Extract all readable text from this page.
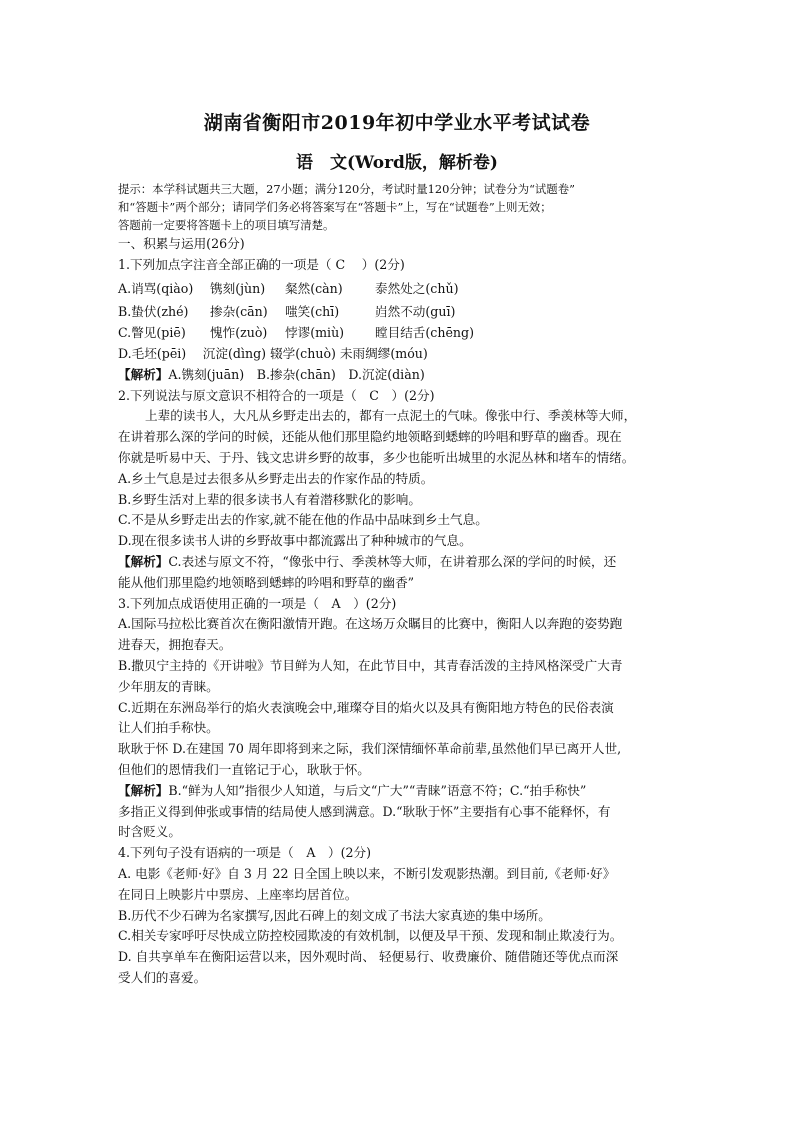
湖南省衡阳市2019年初中学业水平考试试卷
语　文(Word版，解析卷)
提示：本学科试题共三大题，27小题；满分120分，考试时量120分钟；试卷分为“试题卷”
和“答题卡”两个部分；请同学们务必将答案写在“答题卡”上，写在“试题卷”上则无效；
答题前一定要将答题卡上的项目填写清楚。
一、积累与运用(26分)
1.下列加点字注音全部正确的一项是（ C　 ）(2分)
A.诮骂(qiào) 镌刻(jùn) 粲然(càn)	泰然处之(chǔ)
B.蛰伏(zhé) 掺杂(cān) 嗤笑(chī)	岿然不动(guī)
C.瞥见(piē) 愧怍(zuò) 悖谬(miù) 瞠目结舌(chēng)
D.毛坯(pēi) 　沉淀(dìng) 辍学(chuò) 未雨绸缪(móu)
【解析】A.镌刻(juān)　B.掺杂(chān)　D.沉淀(diàn)
2.下列说法与原文意识不相符合的一项是（　C　）(2分)
上辈的读书人，大凡从乡野走出去的，都有一点泥土的气味。像张中行、季羡林等大师，
在讲着那么深的学问的时候，还能从他们那里隐约地领略到蟋蟀的吟唱和野草的幽香。现在
你就是听易中天、于丹、钱文忠讲乡野的故事，多少也能听出城里的水泥丛林和堵车的情绪。
A.乡土气息是过去很多从乡野走出去的作家作品的特质。
B.乡野生活对上辈的很多读书人有着潜移默化的影响。
C.不是从乡野走出去的作家,就不能在他的作品中品味到乡土气息。
D.现在很多读书人讲的乡野故事中都流露出了种种城市的气息。
【解析】C.表述与原文不符，“像张中行、季羡林等大师，在讲着那么深的学问的时候，还
能从他们那里隐约地领略到蟋蟀的吟唱和野草的幽香”
3.下列加点成语使用正确的一项是（　A　）(2分)
A.国际马拉松比赛首次在衡阳激情开跑。在这场万众瞩目的比赛中，衡阳人以奔跑的姿势跑
进春天，拥抱春天。
B.撒贝宁主持的《开讲啦》节目鲜为人知，在此节目中，其青春活泼的主持风格深受广大青
少年朋友的青睐。
C.近期在东洲岛举行的焰火表演晚会中,璀璨夺目的焰火以及具有衡阳地方特色的民俗表演
让人们拍手称快。
耿耿于怀 D.在建国 70 周年即将到来之际，我们深情缅怀革命前辈,虽然他们早已离开人世,
但他们的恩情我们一直铭记于心，耿耿于怀。
【解析】B.“鲜为人知”指很少人知道，与后文“广大”“青睐”语意不符；C.“拍手称快”
多指正义得到伸张或事情的结局使人感到满意。D.“耿耿于怀”主要指有心事不能释怀，有
时含贬义。
4.下列句子没有语病的一项是（　A　）(2分)
A. 电影《老师·好》自 3 月 22 日全国上映以来，不断引发观影热潮。到目前,《老师·好》
在同日上映影片中票房、上座率均居首位。
B.历代不少石碑为名家撰写,因此石碑上的刻文成了书法大家真迹的集中场所。
C.相关专家呼吁尽快成立防控校园欺凌的有效机制，以便及早干预、发现和制止欺凌行为。
D. 自共享单车在衡阳运营以来，因外观时尚、 轻便易行、收费廉价、随借随还等优点而深
受人们的喜爱。
